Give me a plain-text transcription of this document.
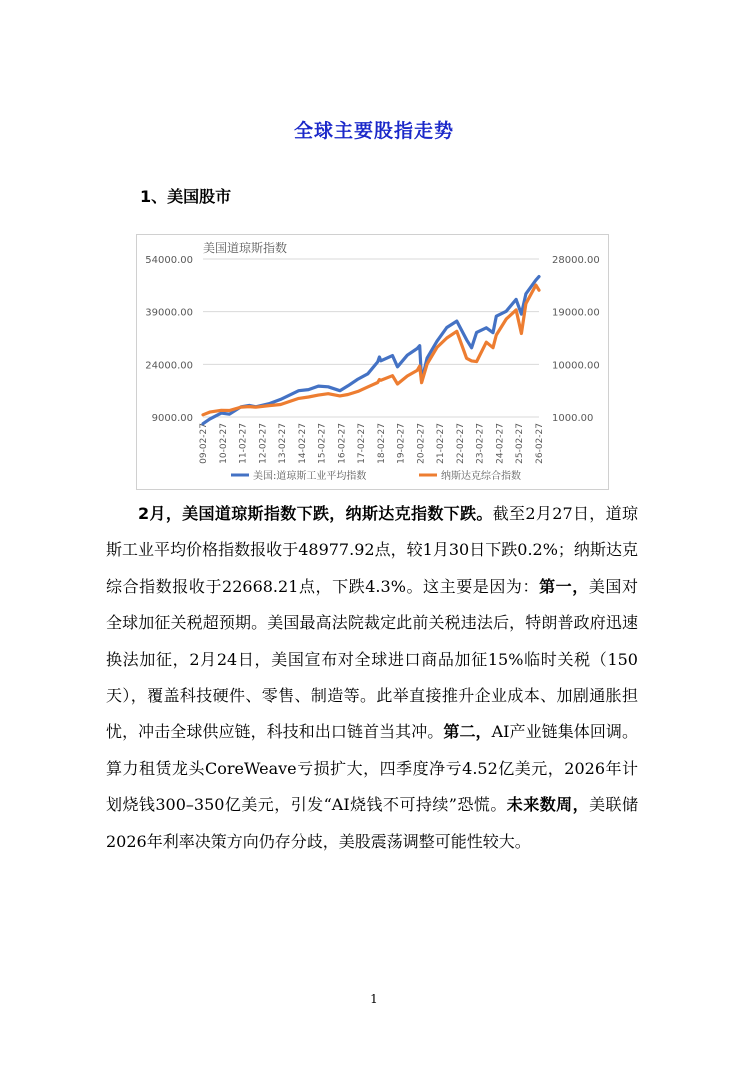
全球主要股指走势
1、美国股市
美国道琼斯指数
9000.00
24000.00
39000.00
54000.00
1000.00
10000.00
19000.00
28000.00
09-02-27 10-02-27 11-02-27 12-02-27 13-02-27 14-02-27 15-02-27 16-02-27 17-02-27 18-02-27 19-02-27 20-02-27 21-02-27 22-02-27 23-02-27 24-02-27 25-02-27 26-02-27
美国:道琼斯工业平均指数	纳斯达克综合指数

2月，美国道琼斯指数下跌，纳斯达克指数下跌。截至2月27日，道琼斯工业平均价格指数报收于48977.92点，较1月30日下跌0.2%；纳斯达克综合指数报收于22668.21点，下跌4.3%。这主要是因为：第一，美国对全球加征关税超预期。美国最高法院裁定此前关税违法后，特朗普政府迅速换法加征，2月24日，美国宣布对全球进口商品加征15%临时关税（150天），覆盖科技硬件、零售、制造等。此举直接推升企业成本、加剧通胀担忧，冲击全球供应链，科技和出口链首当其冲。第二，AI产业链集体回调。算力租赁龙头CoreWeave亏损扩大，四季度净亏4.52亿美元，2026年计划烧钱300–350亿美元，引发“AI烧钱不可持续”恐慌。未来数周，美联储2026年利率决策方向仍存分歧，美股震荡调整可能性较大。

1
